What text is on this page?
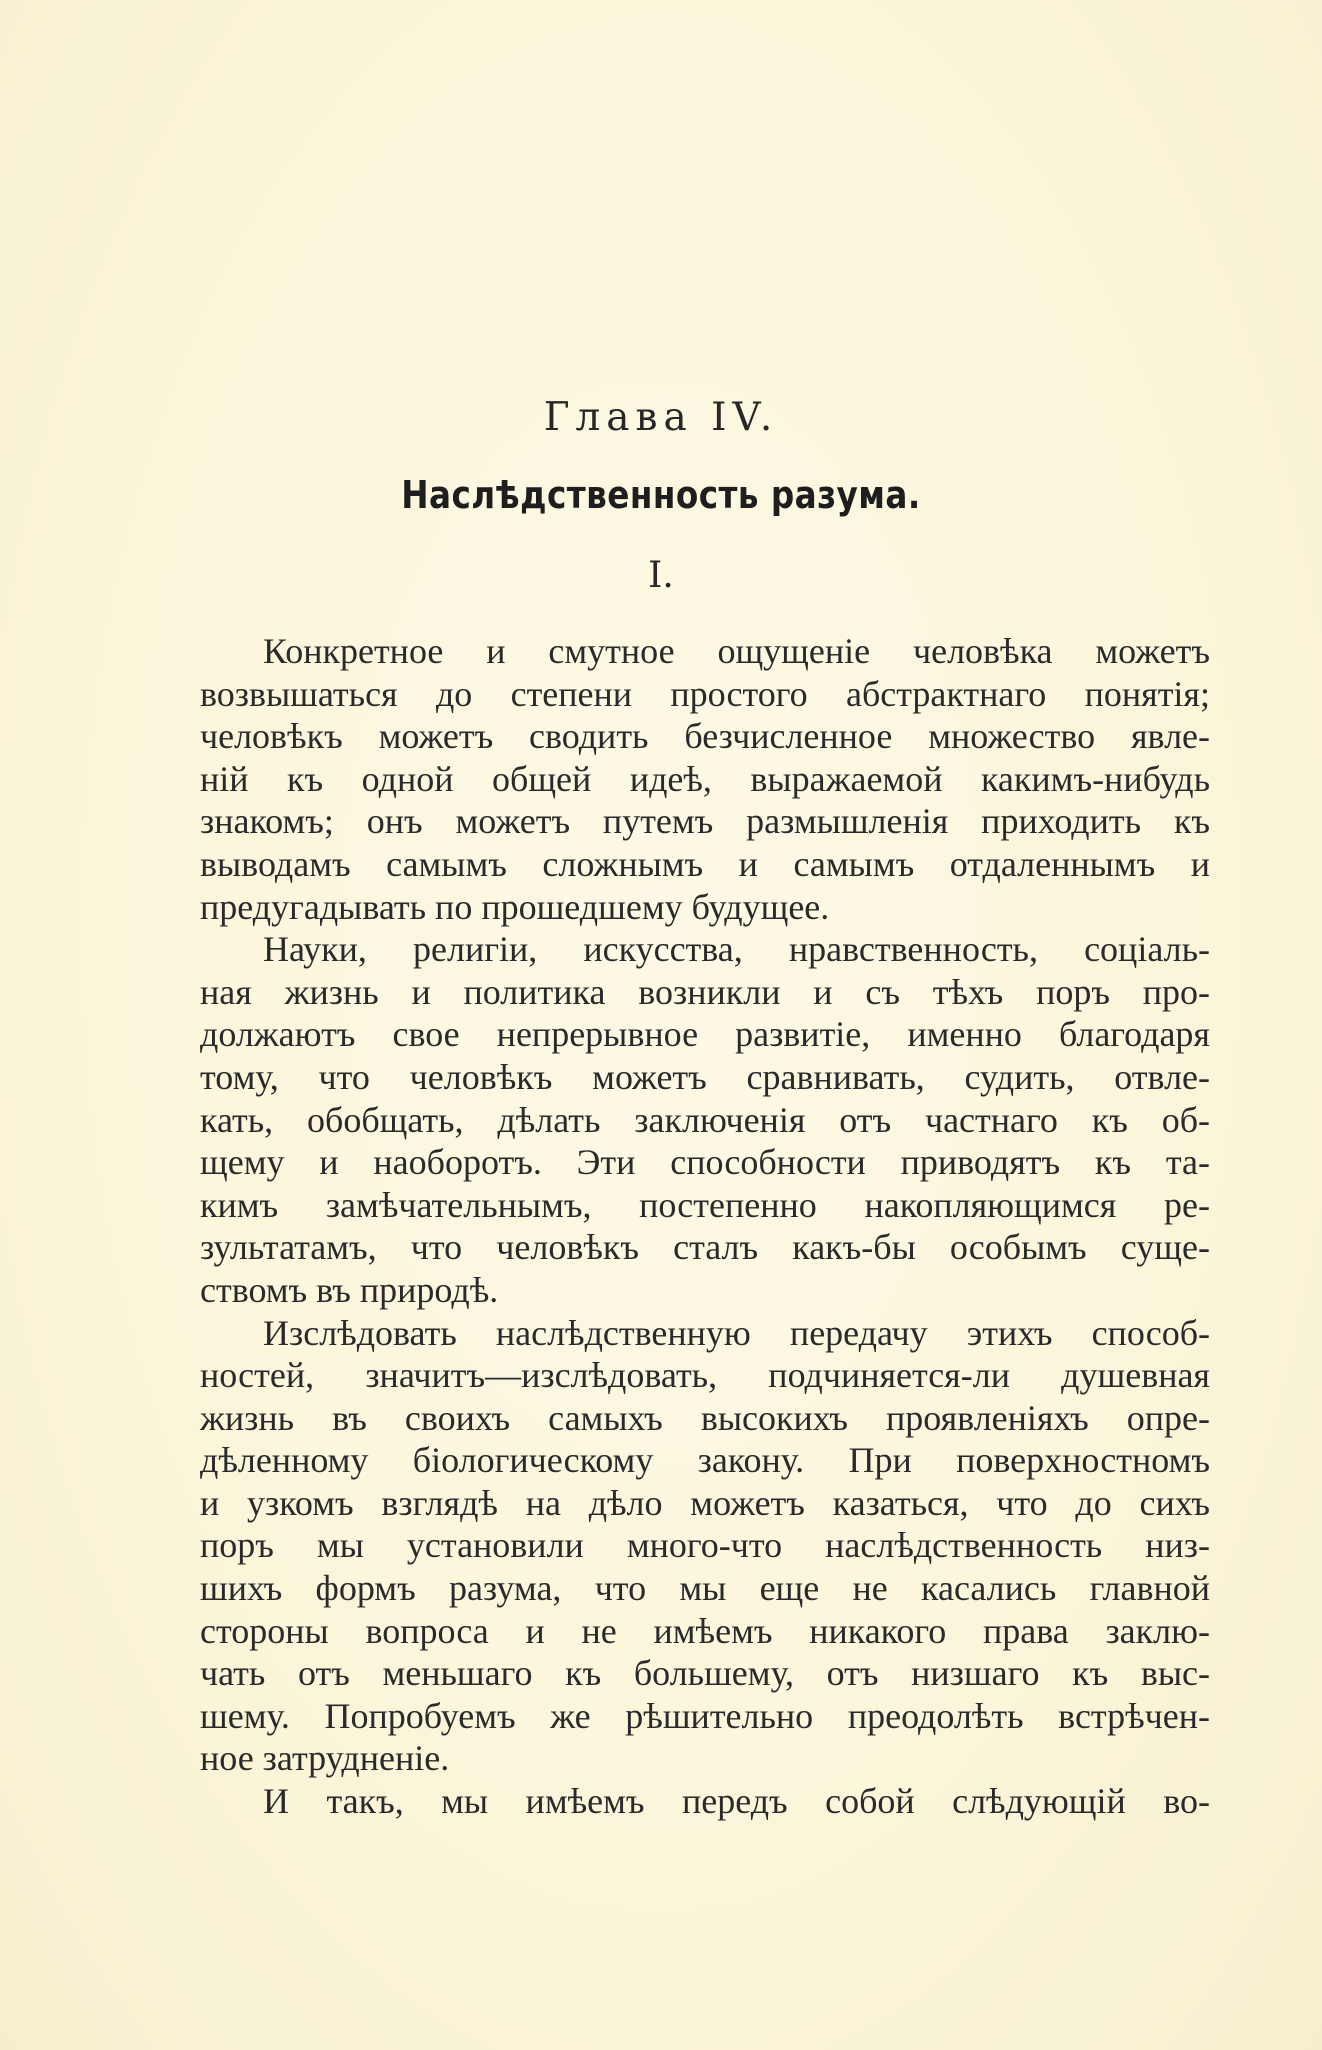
Глава IV.
Наслѣдственность разума.
I.
Конкретное и смутное ощущеніе человѣка можетъ
возвышаться до степени простого абстрактнаго понятія;
человѣкъ можетъ сводить безчисленное множество явле-
ній къ одной общей идеѣ, выражаемой какимъ-нибудь
знакомъ; онъ можетъ путемъ размышленія приходить къ
выводамъ самымъ сложнымъ и самымъ отдаленнымъ и
предугадывать по прошедшему будущее.
Науки, религіи, искусства, нравственность, соціаль-
ная жизнь и политика возникли и съ тѣхъ поръ про-
должаютъ свое непрерывное развитіе, именно благодаря
тому, что человѣкъ можетъ сравнивать, судить, отвле-
кать, обобщать, дѣлать заключенія отъ частнаго къ об-
щему и наоборотъ. Эти способности приводятъ къ та-
кимъ замѣчательнымъ, постепенно накопляющимся ре-
зультатамъ, что человѣкъ сталъ какъ-бы особымъ суще-
ствомъ въ природѣ.
Изслѣдовать наслѣдственную передачу этихъ способ-
ностей, значитъ—изслѣдовать, подчиняется-ли душевная
жизнь въ своихъ самыхъ высокихъ проявленіяхъ опре-
дѣленному біологическому закону. При поверхностномъ
и узкомъ взглядѣ на дѣло можетъ казаться, что до сихъ
поръ мы установили много-что наслѣдственность низ-
шихъ формъ разума, что мы еще не касались главной
стороны вопроса и не имѣемъ никакого права заклю-
чать отъ меньшаго къ большему, отъ низшаго къ выс-
шему. Попробуемъ же рѣшительно преодолѣть встрѣчен-
ное затрудненіе.
И такъ, мы имѣемъ передъ собой слѣдующій во-
